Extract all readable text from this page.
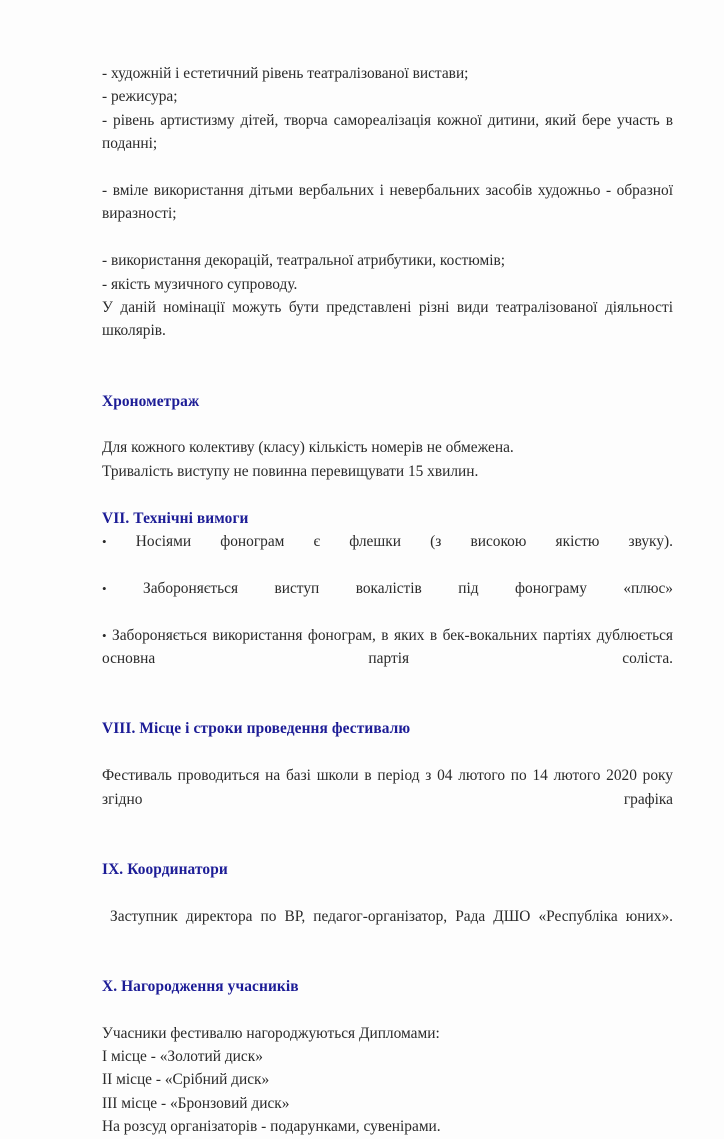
- художній і естетичний рівень театралізованої вистави;

- режисура;

- рівень артистизму дітей, творча самореалізація кожної дитини, який бере участь в поданні;

- вміле використання дітьми вербальних і невербальних засобів художньо - образної виразності;

- використання декорацій, театральної атрибутики, костюмів;

- якість музичного супроводу.

У даній номінації можуть бути представлені різні види театралізованої діяльності школярів.

Хронометраж
Для кожного колективу (класу) кількість номерів не обмежена.
Тривалість виступу не повинна перевищувати 15 хвилин.
VII. Технічні вимоги
• Носіями фонограм є флешки (з високою якістю звуку).
• Забороняється виступ вокалістів під фонограму «плюс»
• Забороняється використання фонограм, в яких в бек-вокальних партіях дублюється основна партія соліста.
VIII. Місце і строки проведення фестивалю

Фестиваль проводиться на базі школи в період з 04 лютого по 14 лютого 2020 року згідно графіка

IX. Координатори

Заступник директора по ВР, педагог-організатор, Рада ДШО «Республіка юних».

X. Нагородження учасників
Учасники фестивалю нагороджуються Дипломами:
I місце - «Золотий диск»
II місце - «Срібний диск»
III місце - «Бронзовий диск»
На розсуд організаторів - подарунками, сувенірами.
